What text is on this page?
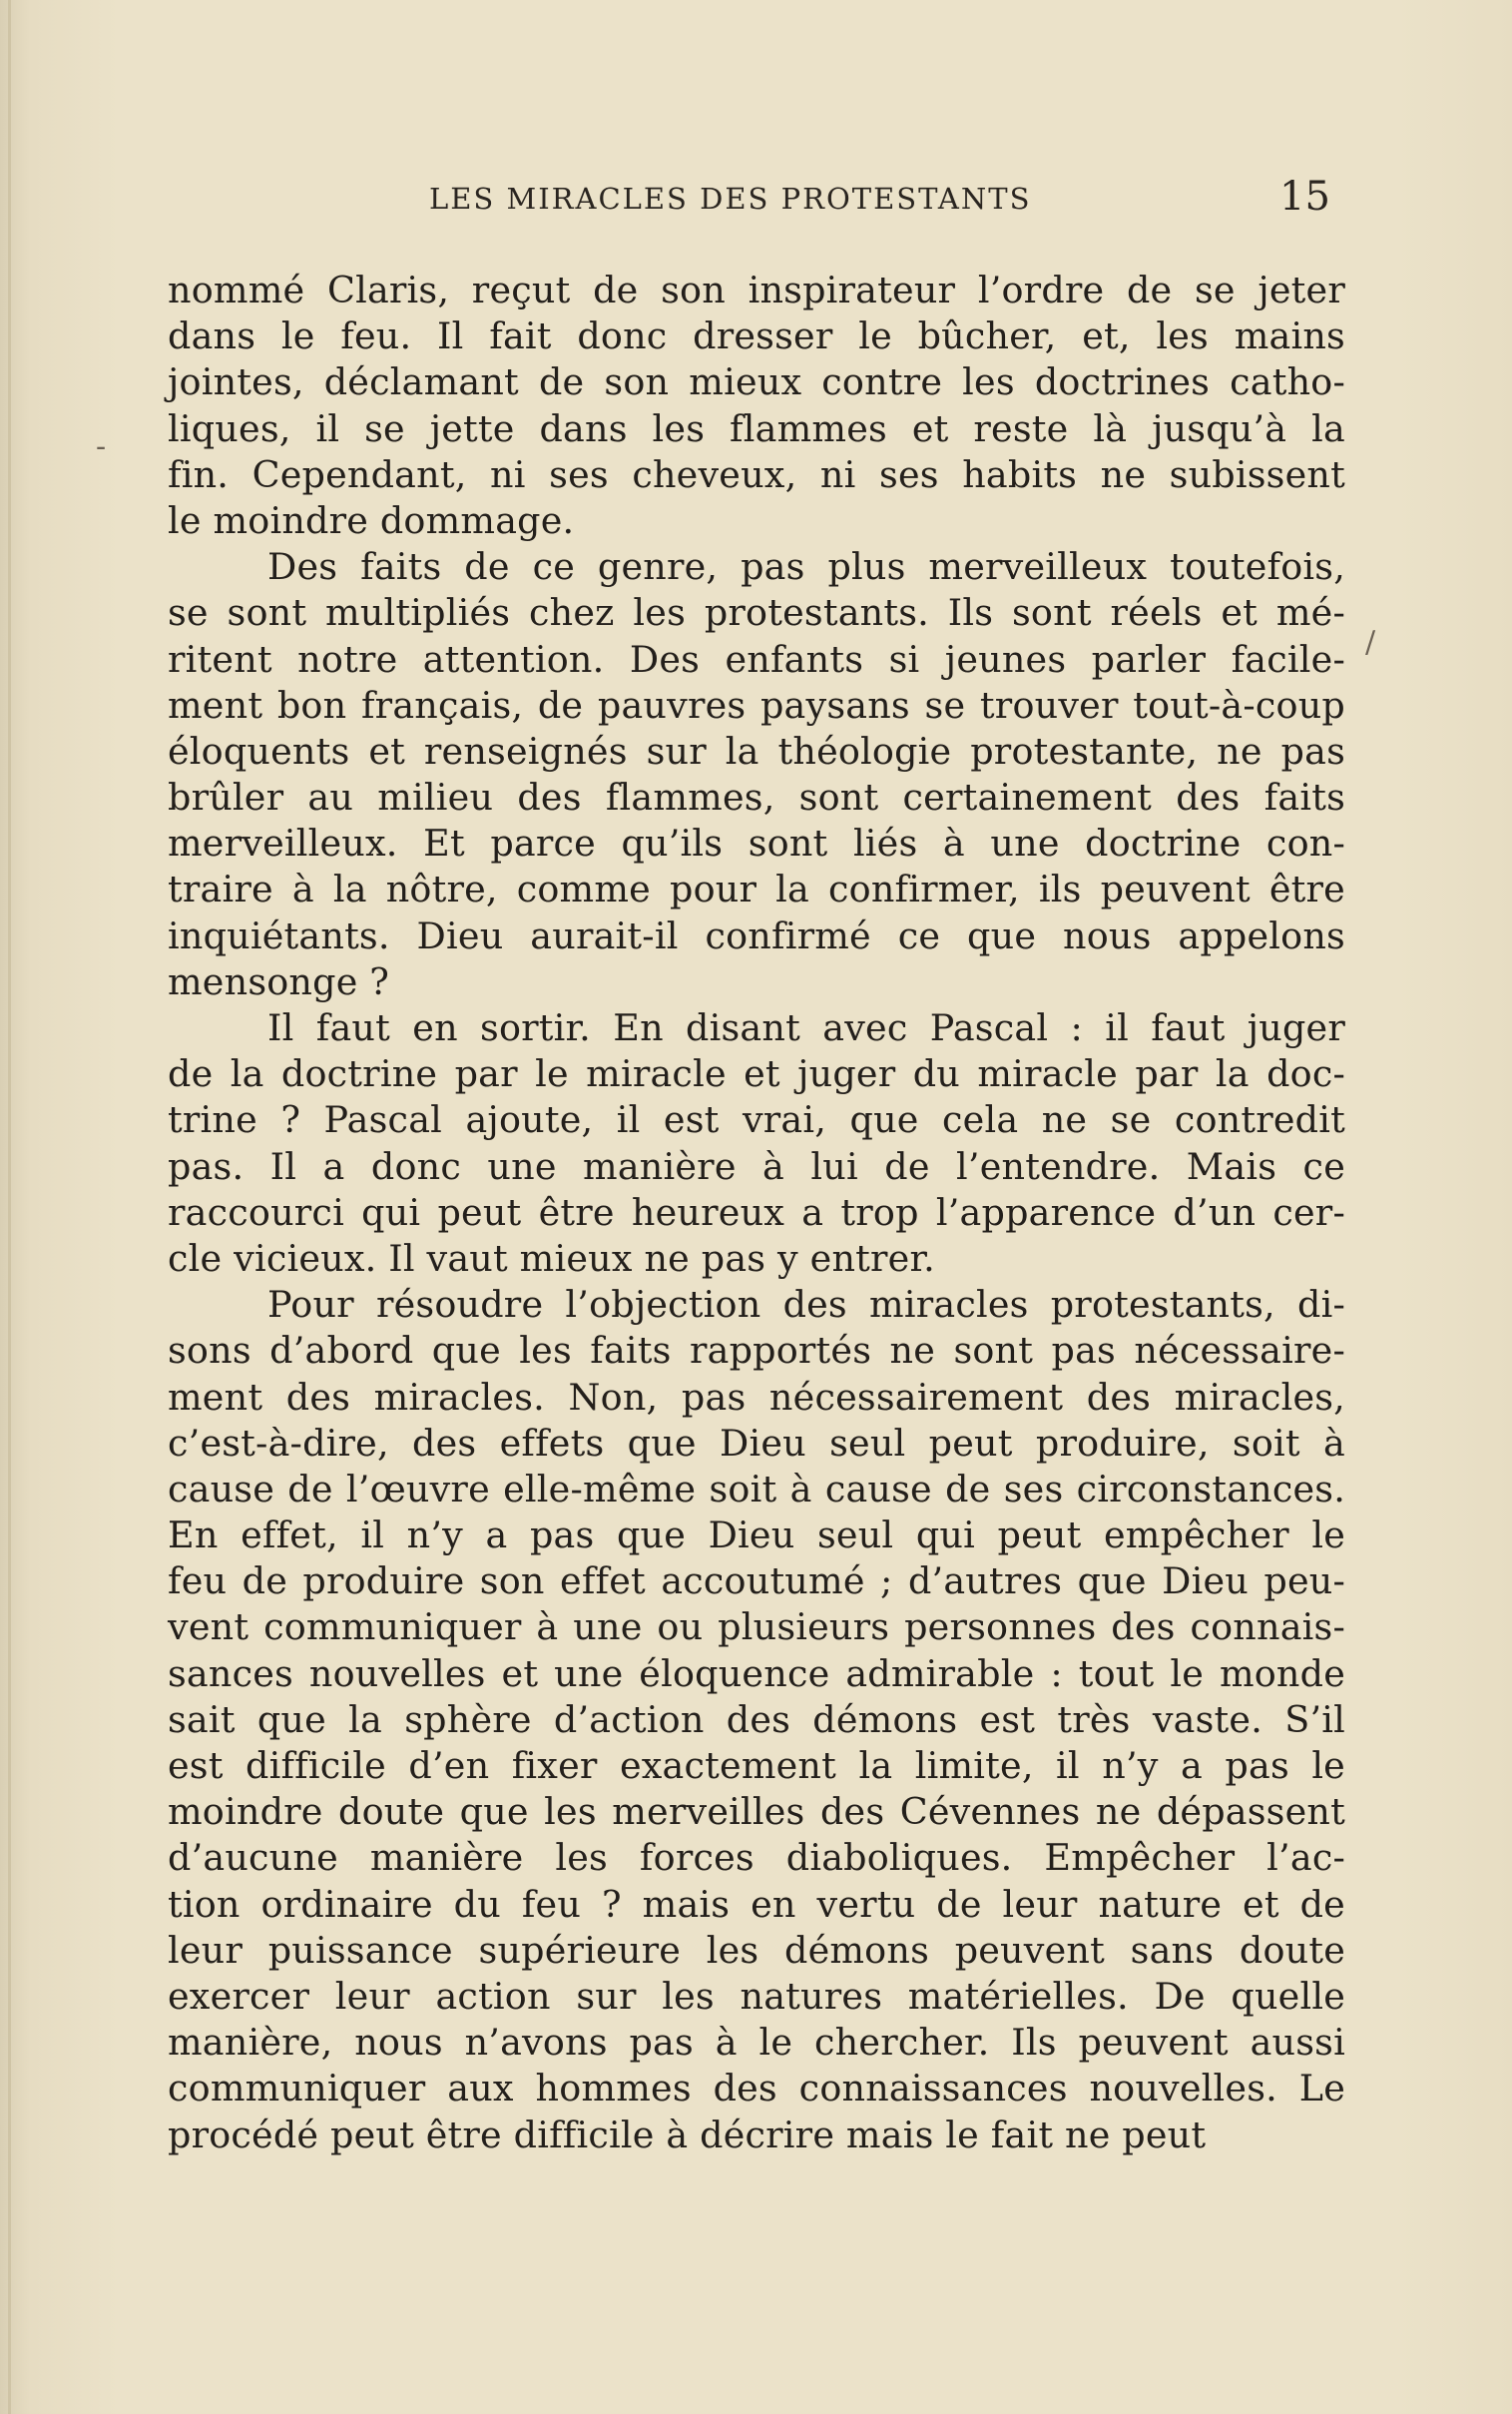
LES MIRACLES DES PROTESTANTS	15
nommé Claris, reçut de son inspirateur l’ordre de se jeter
dans le feu. Il fait donc dresser le bûcher, et, les mains
jointes, déclamant de son mieux contre les doctrines catho-
liques, il se jette dans les flammes et reste là jusqu’à la
fin. Cependant, ni ses cheveux, ni ses habits ne subissent
le moindre dommage.
Des faits de ce genre, pas plus merveilleux toutefois,
se sont multipliés chez les protestants. Ils sont réels et mé-
ritent notre attention. Des enfants si jeunes parler facile-
ment bon français, de pauvres paysans se trouver tout-à-coup
éloquents et renseignés sur la théologie protestante, ne pas
brûler au milieu des flammes, sont certainement des faits
merveilleux. Et parce qu’ils sont liés à une doctrine con-
traire à la nôtre, comme pour la confirmer, ils peuvent être
inquiétants. Dieu aurait-il confirmé ce que nous appelons
mensonge ?
Il faut en sortir. En disant avec Pascal : il faut juger
de la doctrine par le miracle et juger du miracle par la doc-
trine ? Pascal ajoute, il est vrai, que cela ne se contredit
pas. Il a donc une manière à lui de l’entendre. Mais ce
raccourci qui peut être heureux a trop l’apparence d’un cer-
cle vicieux. Il vaut mieux ne pas y entrer.
Pour résoudre l’objection des miracles protestants, di-
sons d’abord que les faits rapportés ne sont pas nécessaire-
ment des miracles. Non, pas nécessairement des miracles,
c’est-à-dire, des effets que Dieu seul peut produire, soit à
cause de l’œuvre elle-même soit à cause de ses circonstances.
En effet, il n’y a pas que Dieu seul qui peut empêcher le
feu de produire son effet accoutumé ; d’autres que Dieu peu-
vent communiquer à une ou plusieurs personnes des connais-
sances nouvelles et une éloquence admirable : tout le monde
sait que la sphère d’action des démons est très vaste. S’il
est difficile d’en fixer exactement la limite, il n’y a pas le
moindre doute que les merveilles des Cévennes ne dépassent
d’aucune manière les forces diaboliques. Empêcher l’ac-
tion ordinaire du feu ? mais en vertu de leur nature et de
leur puissance supérieure les démons peuvent sans doute
exercer leur action sur les natures matérielles. De quelle
manière, nous n’avons pas à le chercher. Ils peuvent aussi
communiquer aux hommes des connaissances nouvelles. Le
procédé peut être difficile à décrire mais le fait ne peut
-
/
